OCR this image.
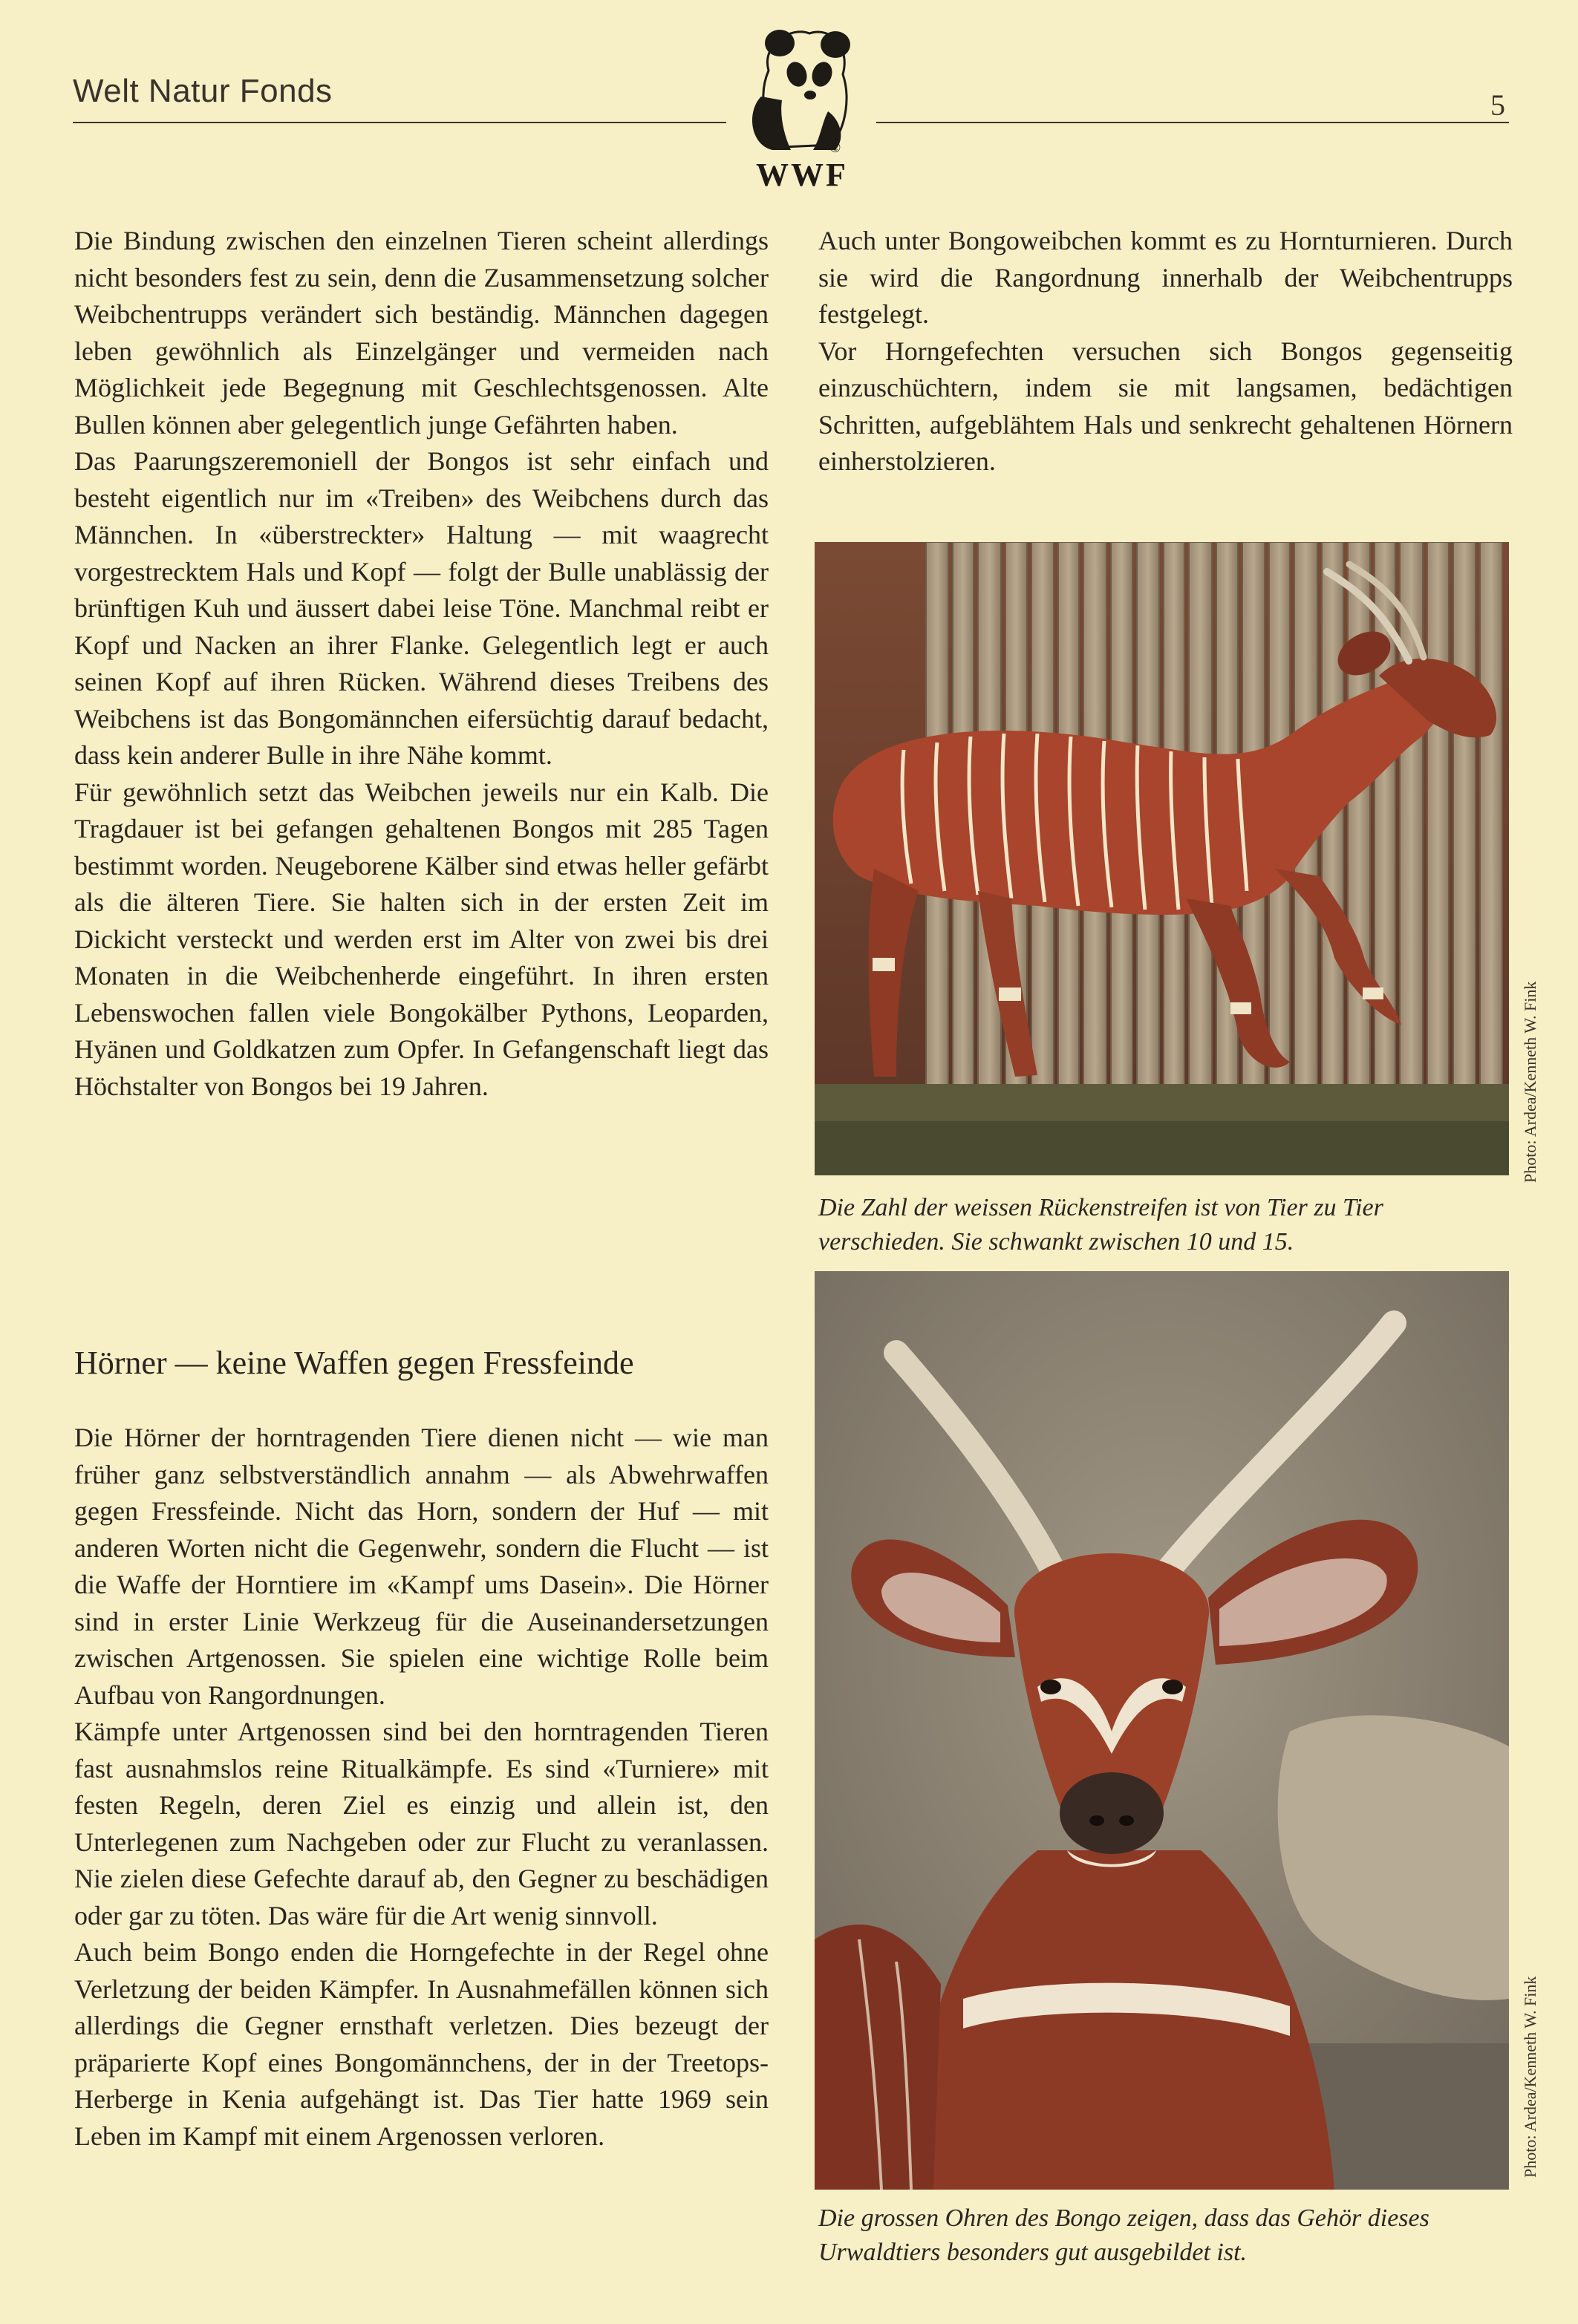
Welt Natur Fonds	5
©
WWF

Die Bindung zwischen den einzelnen Tieren scheint allerdings nicht besonders fest zu sein, denn die Zusammensetzung solcher Weibchentrupps verändert sich beständig. Männchen dagegen leben gewöhnlich als Einzelgänger und vermeiden nach Möglichkeit jede Begegnung mit Geschlechtsgenossen. Alte Bullen können aber gelegentlich junge Gefährten haben.

Das Paarungszeremoniell der Bongos ist sehr einfach und besteht eigentlich nur im «Treiben» des Weibchens durch das Männchen. In «überstreckter» Haltung — mit waagrecht vorgestrecktem Hals und Kopf — folgt der Bulle unablässig der brünftigen Kuh und äussert dabei leise Töne. Manchmal reibt er Kopf und Nacken an ihrer Flanke. Gelegentlich legt er auch seinen Kopf auf ihren Rücken. Während dieses Treibens des Weibchens ist das Bongomännchen eifersüchtig darauf bedacht, dass kein anderer Bulle in ihre Nähe kommt.

Für gewöhnlich setzt das Weibchen jeweils nur ein Kalb. Die Tragdauer ist bei gefangen gehaltenen Bongos mit 285 Tagen bestimmt worden. Neugeborene Kälber sind etwas heller gefärbt als die älteren Tiere. Sie halten sich in der ersten Zeit im Dickicht versteckt und werden erst im Alter von zwei bis drei Monaten in die Weibchenherde eingeführt. In ihren ersten Lebenswochen fallen viele Bongokälber Pythons, Leoparden, Hyänen und Goldkatzen zum Opfer. In Gefangenschaft liegt das Höchstalter von Bongos bei 19 Jahren.

Hörner — keine Waffen gegen Fressfeinde

Die Hörner der horntragenden Tiere dienen nicht — wie man früher ganz selbstverständlich annahm — als Abwehrwaffen gegen Fressfeinde. Nicht das Horn, sondern der Huf — mit anderen Worten nicht die Gegenwehr, sondern die Flucht — ist die Waffe der Horntiere im «Kampf ums Dasein». Die Hörner sind in erster Linie Werkzeug für die Auseinandersetzungen zwischen Artgenossen. Sie spielen eine wichtige Rolle beim Aufbau von Rangordnungen.

Kämpfe unter Artgenossen sind bei den horntragenden Tieren fast ausnahmslos reine Ritualkämpfe. Es sind «Turniere» mit festen Regeln, deren Ziel es einzig und allein ist, den Unterlegenen zum Nachgeben oder zur Flucht zu veranlassen. Nie zielen diese Gefechte darauf ab, den Gegner zu beschädigen oder gar zu töten. Das wäre für die Art wenig sinnvoll.

Auch beim Bongo enden die Horngefechte in der Regel ohne Verletzung der beiden Kämpfer. In Ausnahmefällen können sich allerdings die Gegner ernsthaft verletzen. Dies bezeugt der präparierte Kopf eines Bongomännchens, der in der Treetops-Herberge in Kenia aufgehängt ist. Das Tier hatte 1969 sein Leben im Kampf mit einem Argenossen verloren.

Auch unter Bongoweibchen kommt es zu Hornturnieren. Durch sie wird die Rangordnung innerhalb der Weibchentrupps festgelegt.

Vor Horngefechten versuchen sich Bongos gegenseitig einzuschüchtern, indem sie mit langsamen, bedächtigen Schritten, aufgeblähtem Hals und senkrecht gehaltenen Hörnern einherstolzieren.

Photo: Ardea/Kenneth W. Fink
Die Zahl der weissen Rückenstreifen ist von Tier zu Tier verschieden. Sie schwankt zwischen 10 und 15.
Photo: Ardea/Kenneth W. Fink
Die grossen Ohren des Bongo zeigen, dass das Gehör dieses Urwaldtiers besonders gut ausgebildet ist.
